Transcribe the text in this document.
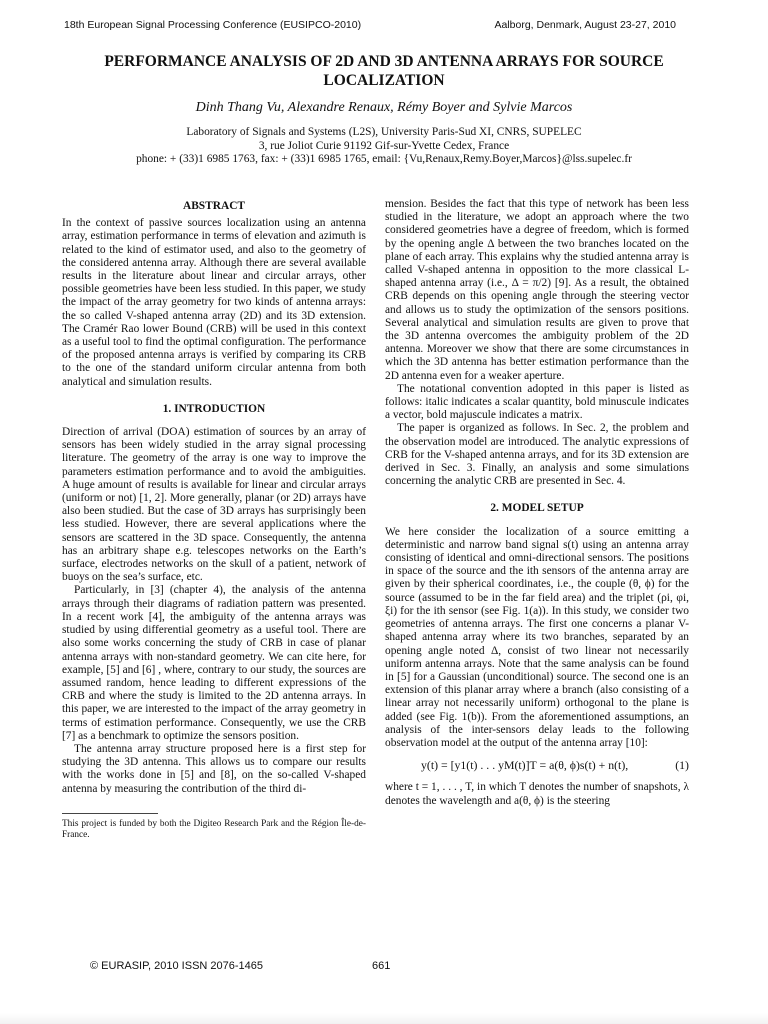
18th European Signal Processing Conference (EUSIPCO-2010)	Aalborg, Denmark, August 23-27, 2010
PERFORMANCE ANALYSIS OF 2D AND 3D ANTENNA ARRAYS FOR SOURCE LOCALIZATION
Dinh Thang Vu, Alexandre Renaux, Rémy Boyer and Sylvie Marcos
Laboratory of Signals and Systems (L2S), University Paris-Sud XI, CNRS, SUPELEC
3, rue Joliot Curie 91192 Gif-sur-Yvette Cedex, France
phone: + (33)1 6985 1763, fax: + (33)1 6985 1765, email: {Vu,Renaux,Remy.Boyer,Marcos}@lss.supelec.fr
ABSTRACT

In the context of passive sources localization using an antenna array, estimation performance in terms of elevation and azimuth is related to the kind of estimator used, and also to the geometry of the considered antenna array. Although there are several available results in the literature about linear and circular arrays, other possible geometries have been less studied. In this paper, we study the impact of the array geometry for two kinds of antenna arrays: the so called V-shaped antenna array (2D) and its 3D extension. The Cramér Rao lower Bound (CRB) will be used in this context as a useful tool to find the optimal configuration. The performance of the proposed antenna arrays is verified by comparing its CRB to the one of the standard uniform circular antenna from both analytical and simulation results.

1. INTRODUCTION

Direction of arrival (DOA) estimation of sources by an array of sensors has been widely studied in the array signal processing literature. The geometry of the array is one way to improve the parameters estimation performance and to avoid the ambiguities. A huge amount of results is available for linear and circular arrays (uniform or not) [1, 2]. More generally, planar (or 2D) arrays have also been studied. But the case of 3D arrays has surprisingly been less studied. However, there are several applications where the sensors are scattered in the 3D space. Consequently, the antenna has an arbitrary shape e.g. telescopes networks on the Earth’s surface, electrodes networks on the skull of a patient, network of buoys on the sea’s surface, etc.

Particularly, in [3] (chapter 4), the analysis of the antenna arrays through their diagrams of radiation pattern was presented. In a recent work [4], the ambiguity of the antenna arrays was studied by using differential geometry as a useful tool. There are also some works concerning the study of CRB in case of planar antenna arrays with non-standard geometry. We can cite here, for example, [5] and [6] , where, contrary to our study, the sources are assumed random, hence leading to different expressions of the CRB and where the study is limited to the 2D antenna arrays. In this paper, we are interested to the impact of the array geometry in terms of estimation performance. Consequently, we use the CRB [7] as a benchmark to optimize the sensors position.

The antenna array structure proposed here is a first step for studying the 3D antenna. This allows us to compare our results with the works done in [5] and [8], on the so-called V-shaped antenna by measuring the contribution of the third di-

This project is funded by both the Digiteo Research Park and the Région Île-de-France.

mension. Besides the fact that this type of network has been less studied in the literature, we adopt an approach where the two considered geometries have a degree of freedom, which is formed by the opening angle Δ between the two branches located on the plane of each array. This explains why the studied antenna array is called V-shaped antenna in opposition to the more classical L-shaped antenna array (i.e., Δ = π/2) [9]. As a result, the obtained CRB depends on this opening angle through the steering vector and allows us to study the optimization of the sensors positions. Several analytical and simulation results are given to prove that the 3D antenna overcomes the ambiguity problem of the 2D antenna. Moreover we show that there are some circumstances in which the 3D antenna has better estimation performance than the 2D antenna even for a weaker aperture.

The notational convention adopted in this paper is listed as follows: italic indicates a scalar quantity, bold minuscule indicates a vector, bold majuscule indicates a matrix.

The paper is organized as follows. In Sec. 2, the problem and the observation model are introduced. The analytic expressions of CRB for the V-shaped antenna arrays, and for its 3D extension are derived in Sec. 3. Finally, an analysis and some simulations concerning the analytic CRB are presented in Sec. 4.

2. MODEL SETUP

We here consider the localization of a source emitting a deterministic and narrow band signal s(t) using an antenna array consisting of identical and omni-directional sensors. The positions in space of the source and the ith sensors of the antenna array are given by their spherical coordinates, i.e., the couple (θ, ϕ) for the source (assumed to be in the far field area) and the triplet (ρi, φi, ξi) for the ith sensor (see Fig. 1(a)). In this study, we consider two geometries of antenna arrays. The first one concerns a planar V-shaped antenna array where its two branches, separated by an opening angle noted Δ, consist of two linear not necessarily uniform antenna arrays. Note that the same analysis can be found in [5] for a Gaussian (unconditional) source. The second one is an extension of this planar array where a branch (also consisting of a linear array not necessarily uniform) orthogonal to the plane is added (see Fig. 1(b)). From the aforementioned assumptions, an analysis of the inter-sensors delay leads to the following observation model at the output of the antenna array [10]:

y(t) = [y1(t) . . . yM(t)]T = a(θ, ϕ)s(t) + n(t),	(1)

where t = 1, . . . , T, in which T denotes the number of snapshots, λ denotes the wavelength and a(θ, ϕ) is the steering

© EURASIP, 2010 ISSN 2076-1465	661
